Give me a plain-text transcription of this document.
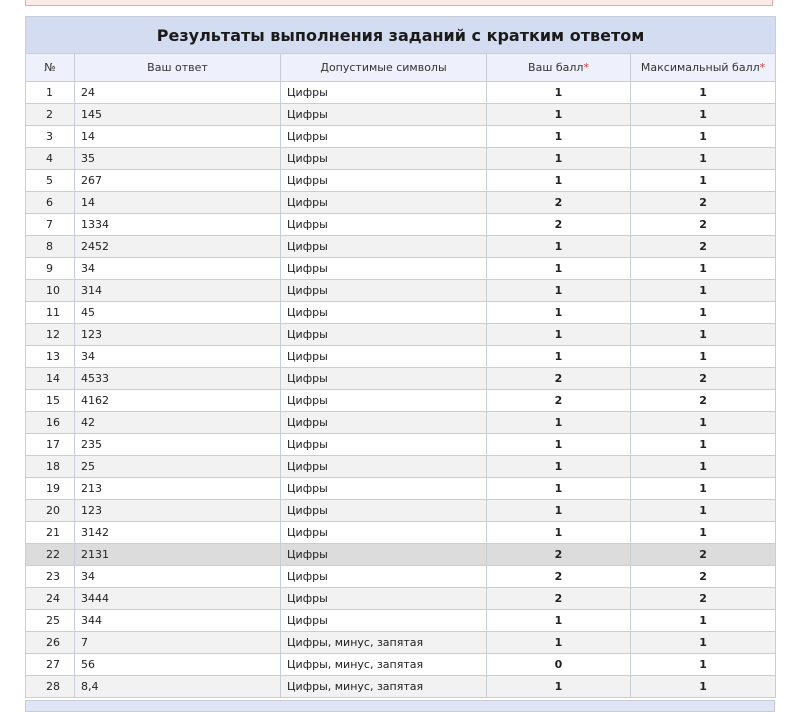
Результаты выполнения заданий с кратким ответом				
№	Ваш ответ	Допустимые символы	Ваш балл*	Максимальный балл*
1	24	Цифры	1	1
2	145	Цифры	1	1
3	14	Цифры	1	1
4	35	Цифры	1	1
5	267	Цифры	1	1
6	14	Цифры	2	2
7	1334	Цифры	2	2
8	2452	Цифры	1	2
9	34	Цифры	1	1
10	314	Цифры	1	1
11	45	Цифры	1	1
12	123	Цифры	1	1
13	34	Цифры	1	1
14	4533	Цифры	2	2
15	4162	Цифры	2	2
16	42	Цифры	1	1
17	235	Цифры	1	1
18	25	Цифры	1	1
19	213	Цифры	1	1
20	123	Цифры	1	1
21	3142	Цифры	1	1
22	2131	Цифры	2	2
23	34	Цифры	2	2
24	3444	Цифры	2	2
25	344	Цифры	1	1
26	7	Цифры, минус, запятая	1	1
27	56	Цифры, минус, запятая	0	1
28	8,4	Цифры, минус, запятая	1	1
